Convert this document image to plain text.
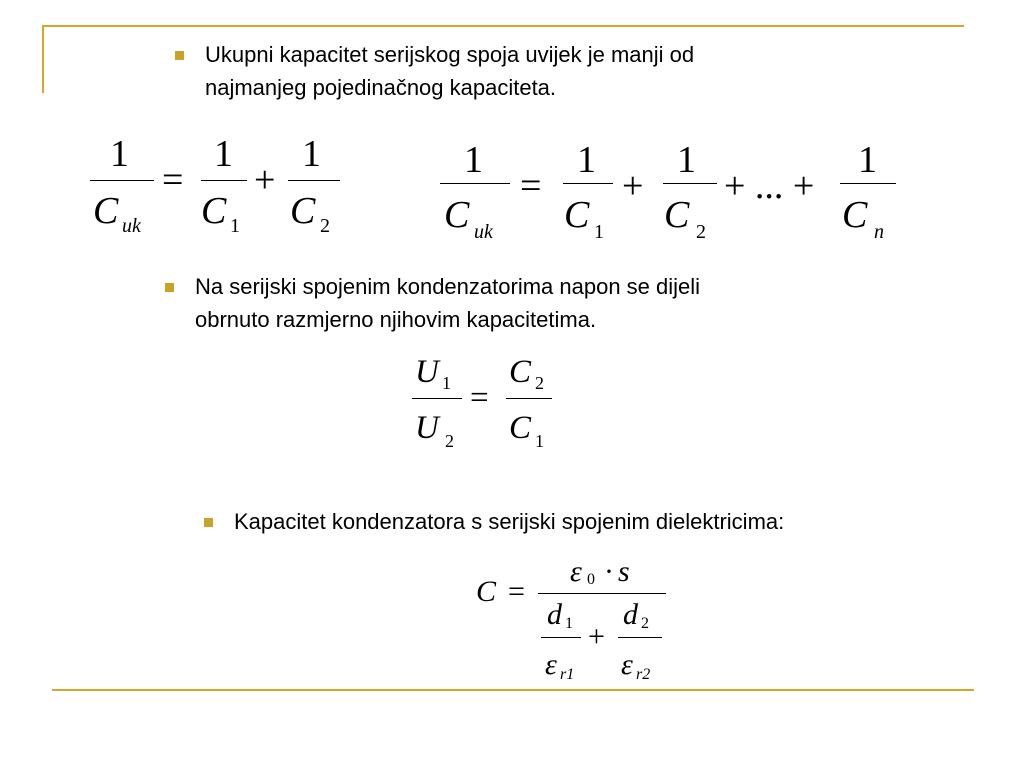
Ukupni kapacitet serijskog spoja uvijek je manji od
najmanjeg pojedinačnog kapaciteta.
1
C uk
=
1
C 1
+
1
C 2
1
C uk
=
1
C 1
+
1
C 2
+ ... +
1
C n
Na serijski spojenim kondenzatorima napon se dijeli
obrnuto razmjerno njihovim kapacitetima.
U 1
U 2
=
C 2
C 1
Kapacitet kondenzatora s serijski spojenim dielektricima:
C =
ε 0 · s
d 1
ε r1
+
d 2
ε r2
